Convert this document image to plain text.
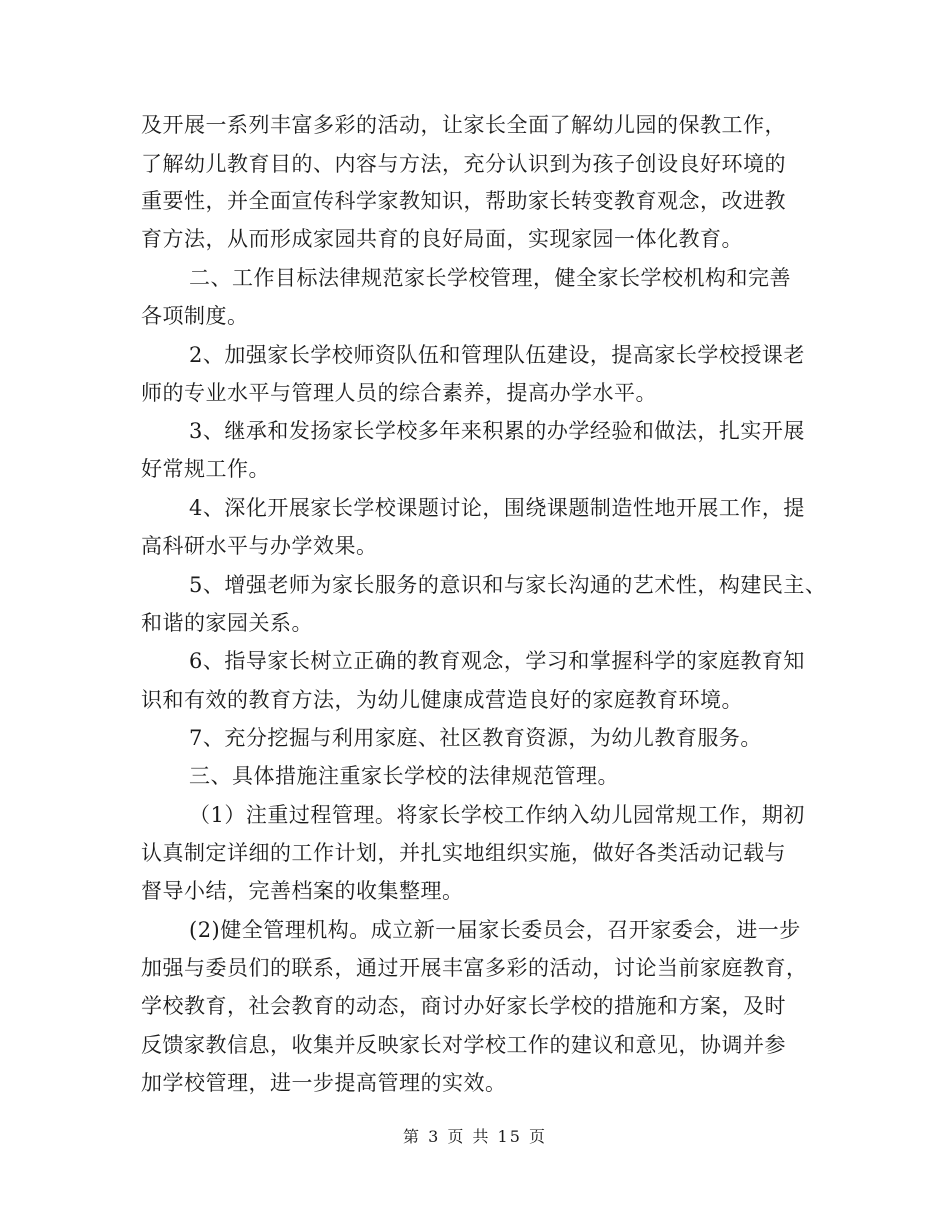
及开展一系列丰富多彩的活动，让家长全面了解幼儿园的保教工作，
了解幼儿教育目的、内容与方法，充分认识到为孩子创设良好环境的
重要性，并全面宣传科学家教知识，帮助家长转变教育观念，改进教
育方法，从而形成家园共育的良好局面，实现家园一体化教育。
二、工作目标法律规范家长学校管理，健全家长学校机构和完善
各项制度。
2、加强家长学校师资队伍和管理队伍建设，提高家长学校授课老
师的专业水平与管理人员的综合素养，提高办学水平。
3、继承和发扬家长学校多年来积累的办学经验和做法，扎实开展
好常规工作。
4、深化开展家长学校课题讨论，围绕课题制造性地开展工作，提
高科研水平与办学效果。
5、增强老师为家长服务的意识和与家长沟通的艺术性，构建民主、
和谐的家园关系。
6、指导家长树立正确的教育观念，学习和掌握科学的家庭教育知
识和有效的教育方法，为幼儿健康成营造良好的家庭教育环境。
7、充分挖掘与利用家庭、社区教育资源，为幼儿教育服务。
三、具体措施注重家长学校的法律规范管理。
（1）注重过程管理。将家长学校工作纳入幼儿园常规工作，期初
认真制定详细的工作计划，并扎实地组织实施，做好各类活动记载与
督导小结，完善档案的收集整理。
(2)健全管理机构。成立新一届家长委员会，召开家委会，进一步
加强与委员们的联系，通过开展丰富多彩的活动，讨论当前家庭教育，
学校教育，社会教育的动态，商讨办好家长学校的措施和方案，及时
反馈家教信息，收集并反映家长对学校工作的建议和意见，协调并参
加学校管理，进一步提高管理的实效。
第 3 页 共 15 页
